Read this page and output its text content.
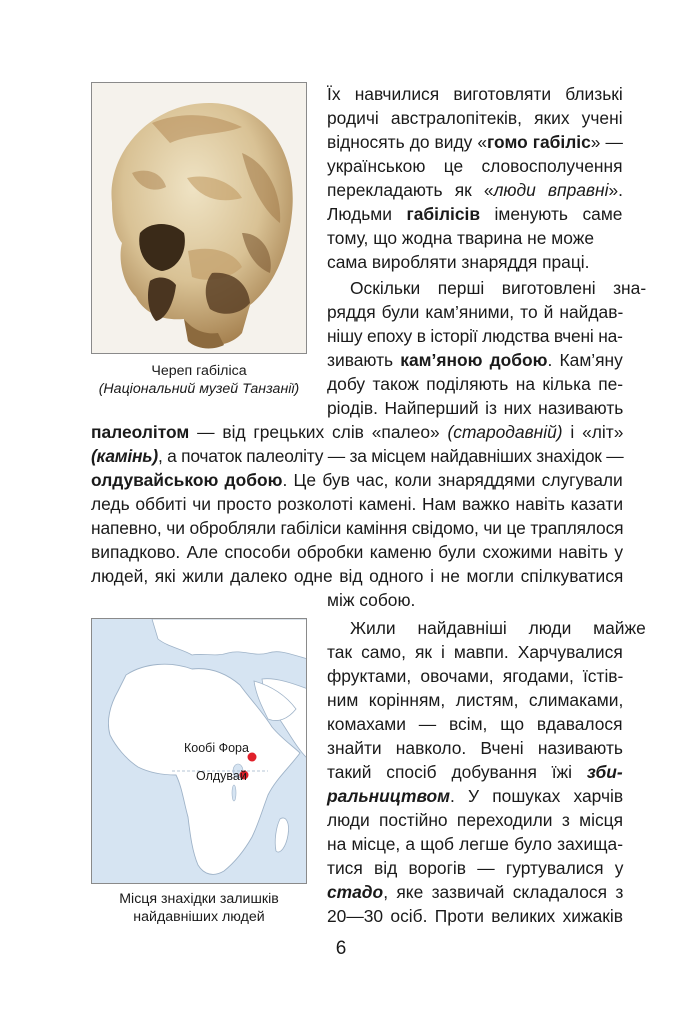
Череп габіліса
(Національний музей Танзанії)
Їх навчилися виготовляти близькі
родичі австралопітеків, яких учені
відносять до виду «гомо габіліс» —
українською це словосполучення
перекладають як «люди вправні».
Людьми габілісів іменують саме
тому, що жодна тварина не може
сама виробляти знаряддя праці.
Оскільки перші виготовлені зна-
ряддя були кам’яними, то й найдав-
нішу епоху в історії людства вчені на-
зивають кам’яною добою. Кам’яну
добу також поділяють на кілька пе-
ріодів. Найперший із них називають
палеолітом — від грецьких слів «палео» (стародавній) і «літ»
(камінь), а початок палеоліту — за місцем найдавніших знахідок —
олдувайською добою. Це був час, коли знаряддями слугували
ледь оббиті чи просто розколоті камені. Нам важко навіть казати
напевно, чи обробляли габіліси каміння свідомо, чи це траплялося
випадково. Але способи обробки каменю були схожими навіть у
людей, які жили далеко одне від одного і не могли спілкуватися
між собою.
Кообі Фора
Олдувай
Місця знахідки залишків
найдавніших людей
Жили найдавніші люди майже
так само, як і мавпи. Харчувалися
фруктами, овочами, ягодами, їстів-
ним корінням, листям, слимаками,
комахами — всім, що вдавалося
знайти навколо. Вчені називають
такий спосіб добування їжі зби-
ральництвом. У пошуках харчів
люди постійно переходили з місця
на місце, а щоб легше було захища-
тися від ворогів — гуртувалися у
стадо, яке зазвичай складалося з
20—30 осіб. Проти великих хижаків
6
